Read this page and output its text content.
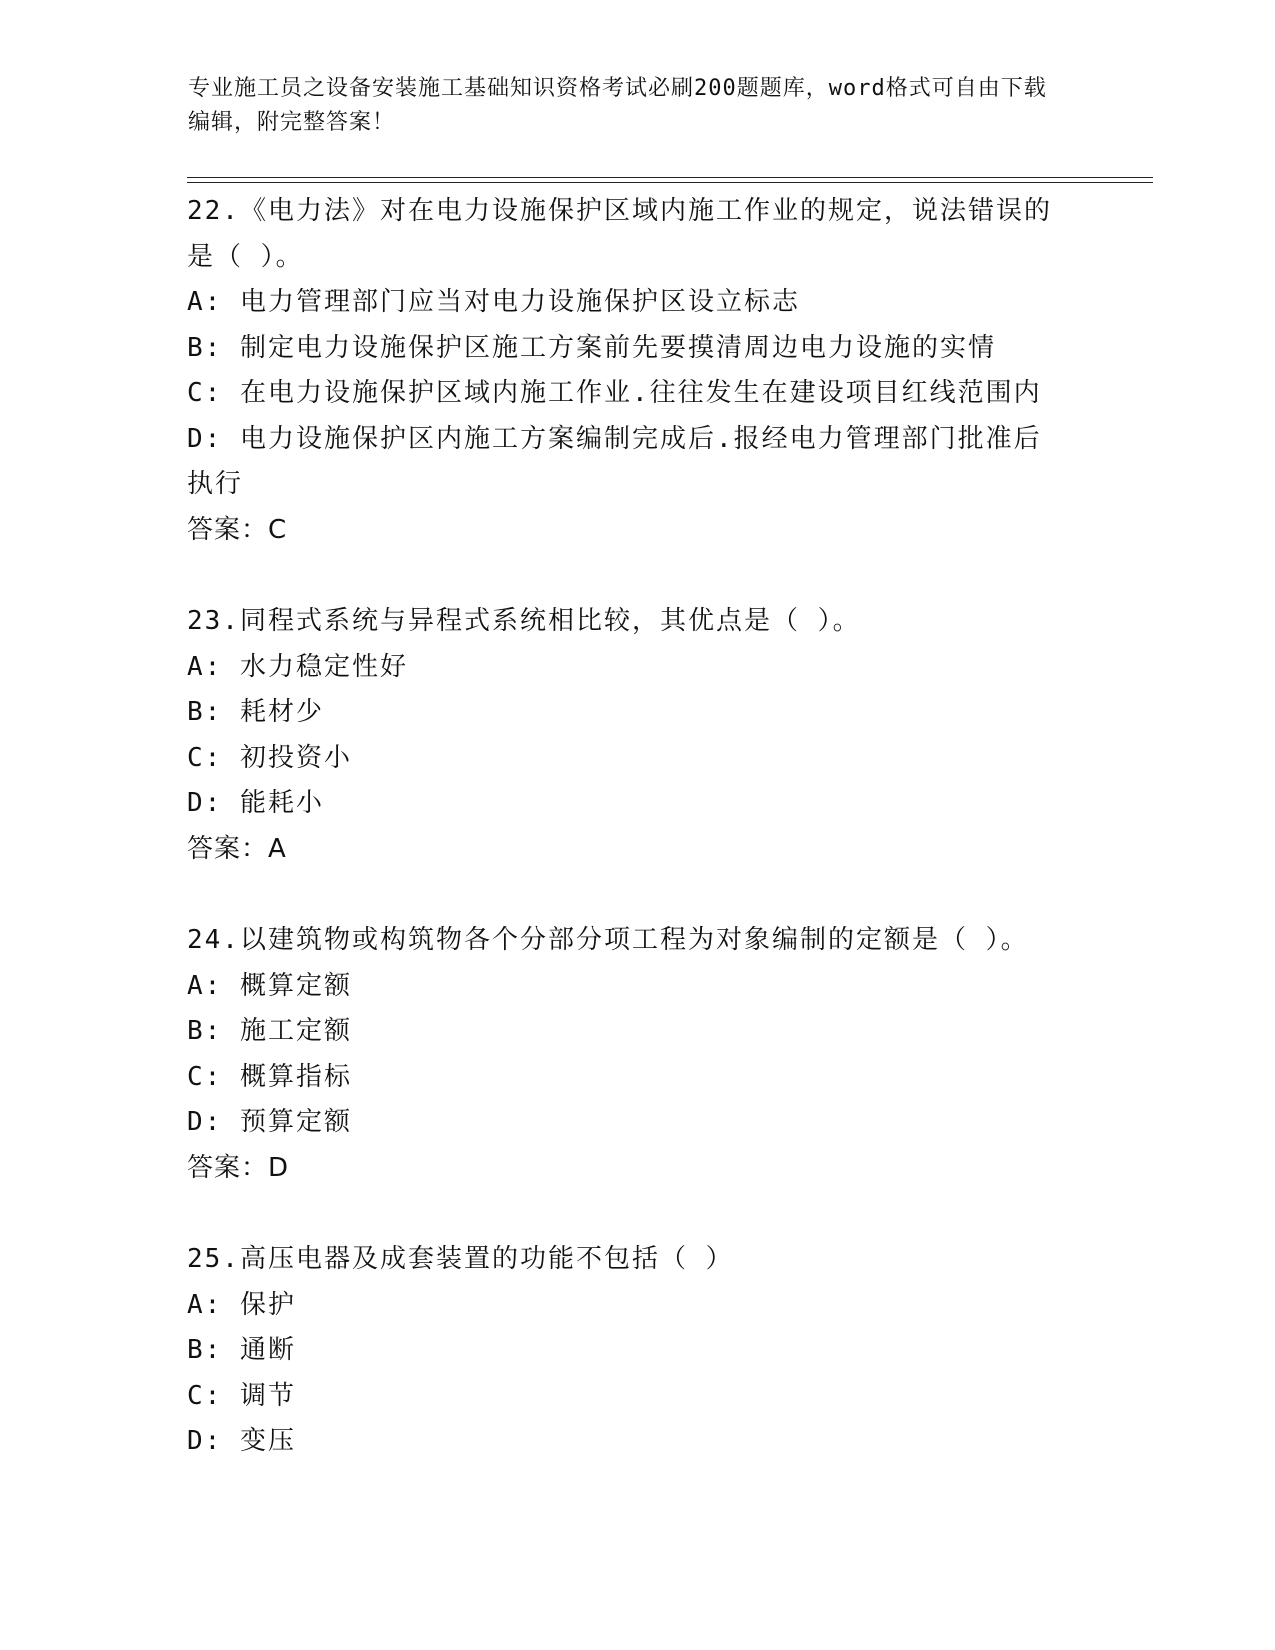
专业施工员之设备安装施工基础知识资格考试必刷200题题库，word格式可自由下载编辑，附完整答案！
22.《电力法》对在电力设施保护区域内施工作业的规定，说法错误的
是（ ）。
A: 电力管理部门应当对电力设施保护区设立标志
B: 制定电力设施保护区施工方案前先要摸清周边电力设施的实情
C: 在电力设施保护区域内施工作业.往往发生在建设项目红线范围内
D: 电力设施保护区内施工方案编制完成后.报经电力管理部门批准后
执行
答案：C
23.同程式系统与异程式系统相比较，其优点是（ ）。
A: 水力稳定性好
B: 耗材少
C: 初投资小
D: 能耗小
答案：A
24.以建筑物或构筑物各个分部分项工程为对象编制的定额是（ ）。
A: 概算定额
B: 施工定额
C: 概算指标
D: 预算定额
答案：D
25.高压电器及成套装置的功能不包括（ ）
A: 保护
B: 通断
C: 调节
D: 变压
